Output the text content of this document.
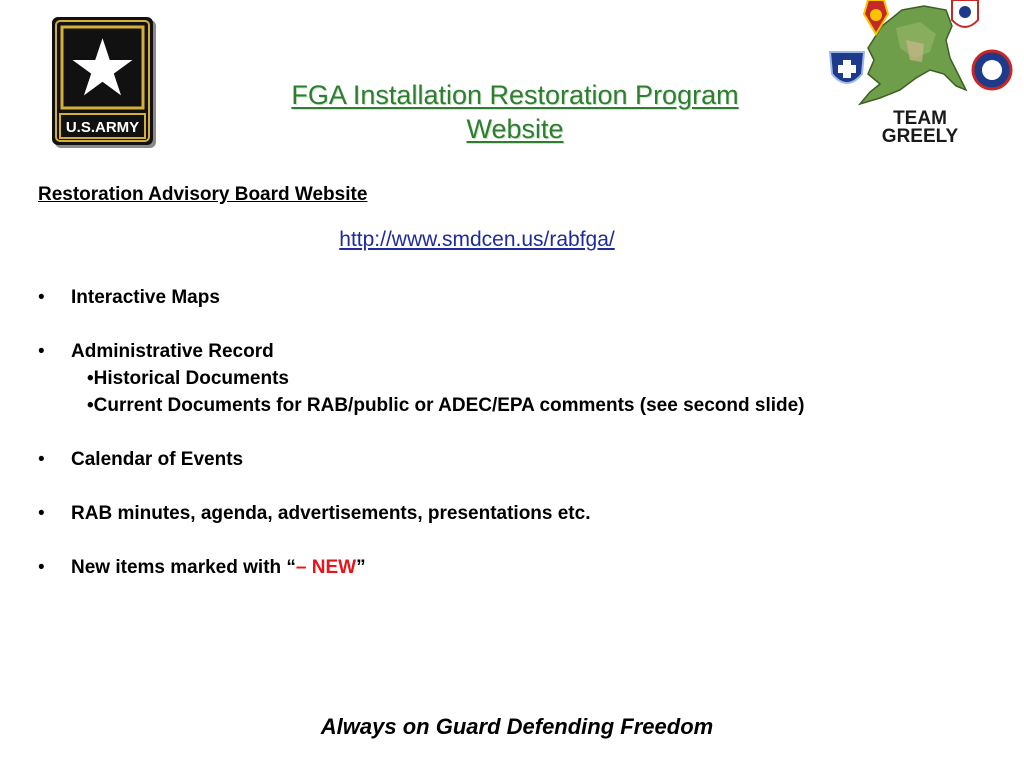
U.S.ARMY	TEAM
GREELY
FGA Installation Restoration Program Website
Restoration Advisory Board Website
http://www.smdcen.us/rabfga/
• Interactive Maps
• Administrative Record
•Historical Documents
•Current Documents for RAB/public or ADEC/EPA comments (see second slide)
• Calendar of Events
• RAB minutes, agenda, advertisements, presentations etc.
• New items marked with “– NEW”
Always on Guard Defending Freedom
